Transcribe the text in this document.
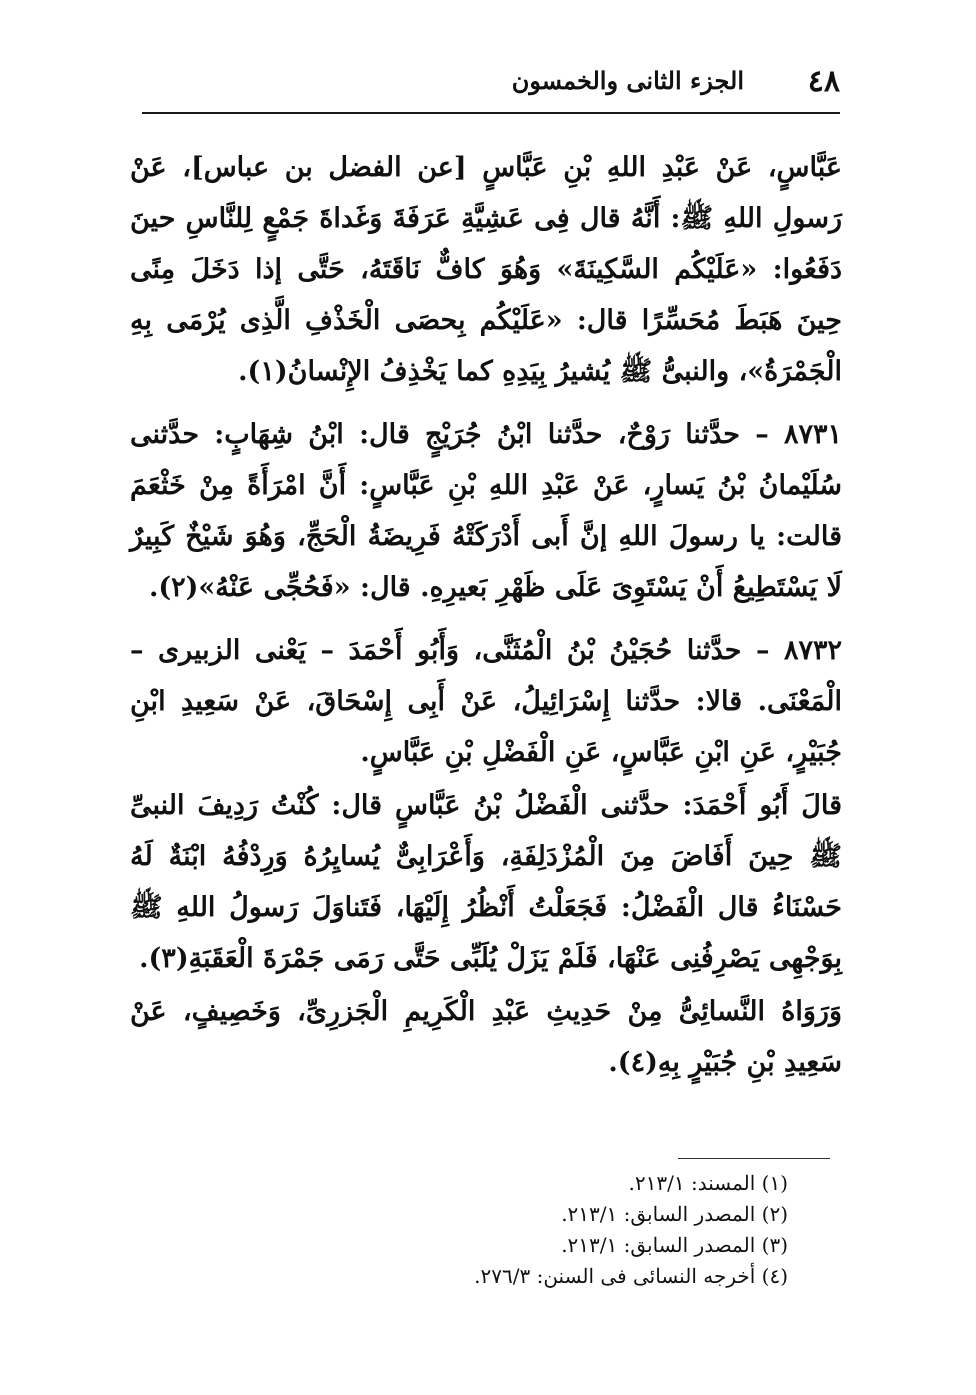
٤٨
الجزء الثانى والخمسون

عَبَّاسٍ، عَنْ عَبْدِ اللهِ بْنِ عَبَّاسٍ [عن الفضل بن عباس]، عَنْ رَسولِ اللهِ ﷺ: أَنَّهُ قال فِى عَشِيَّةِ عَرَفَةَ وَغَداةَ جَمْعٍ لِلنَّاسِ حينَ دَفَعُوا: «عَلَيْكُم السَّكِينَةَ» وَهُوَ كافٌّ نَاقَتَهُ، حَتَّى إذا دَخَلَ مِنًى حِينَ هَبَطَ مُحَسِّرًا قال: «عَلَيْكُم بِحصَى الْخَذْفِ الَّذِى يُرْمَى بِهِ الْجَمْرَةُ»، والنبىُّ ﷺ يُشيرُ بِيَدِهِ كما يَخْذِفُ الإِنْسانُ(١).

٨٧٣١ – حدَّثنا رَوْحٌ، حدَّثنا ابْنُ جُرَيْجٍ قال: ابْنُ شِهَابٍ: حدَّثنى سُلَيْمانُ بْنُ يَسارٍ، عَنْ عَبْدِ اللهِ بْنِ عَبَّاسٍ: أَنَّ امْرَأَةً مِنْ خَثْعَمَ قالت: يا رسولَ اللهِ إنَّ أَبى أَدْرَكَتْهُ فَرِيضَةُ الْحَجِّ، وَهُوَ شَيْخٌ كَبِيرٌ لَا يَسْتَطِيعُ أَنْ يَسْتَوِىَ عَلَى ظَهْرِ بَعيرِهِ. قال: «فَحُجِّى عَنْهُ»(٢).

٨٧٣٢ – حدَّثنا حُجَيْنُ بْنُ الْمُثَنَّى، وَأَبُو أَحْمَدَ – يَعْنى الزبيرى – الْمَعْنَى. قالا: حدَّثنا إِسْرَائِيلُ، عَنْ أَبِى إِسْحَاقَ، عَنْ سَعِيدِ ابْنِ جُبَيْرٍ، عَنِ ابْنِ عَبَّاسٍ، عَنِ الْفَضْلِ بْنِ عَبَّاسٍ.

قالَ أَبُو أَحْمَدَ: حدَّثنى الْفَضْلُ بْنُ عَبَّاسٍ قال: كُنْتُ رَدِيفَ النبىِّ ﷺ حِينَ أَفَاضَ مِنَ الْمُزْدَلِفَةِ، وَأَعْرَابِىٌّ يُسايِرُهُ وَرِدْفُهُ ابْنَةٌ لَهُ حَسْنَاءُ قال الْفَضْلُ: فَجَعَلْتُ أَنْظُرُ إِلَيْهَا، فَتَناوَلَ رَسولُ اللهِ ﷺ بِوَجْهِى يَصْرِفُنِى عَنْهَا، فَلَمْ يَزَلْ يُلَبِّى حَتَّى رَمَى جَمْرَةَ الْعَقَبَةِ(٣).

وَرَوَاهُ النَّسائِىُّ مِنْ حَدِيثِ عَبْدِ الْكَرِيمِ الْجَزرِىِّ، وَخَصِيفٍ، عَنْ سَعِيدِ بْنِ جُبَيْرٍ بِهِ(٤).

(١) المسند: ٢١٣/١.
(٢) المصدر السابق: ٢١٣/١.
(٣) المصدر السابق: ٢١٣/١.
(٤) أخرجه النسائى فى السنن: ٢٧٦/٣.
